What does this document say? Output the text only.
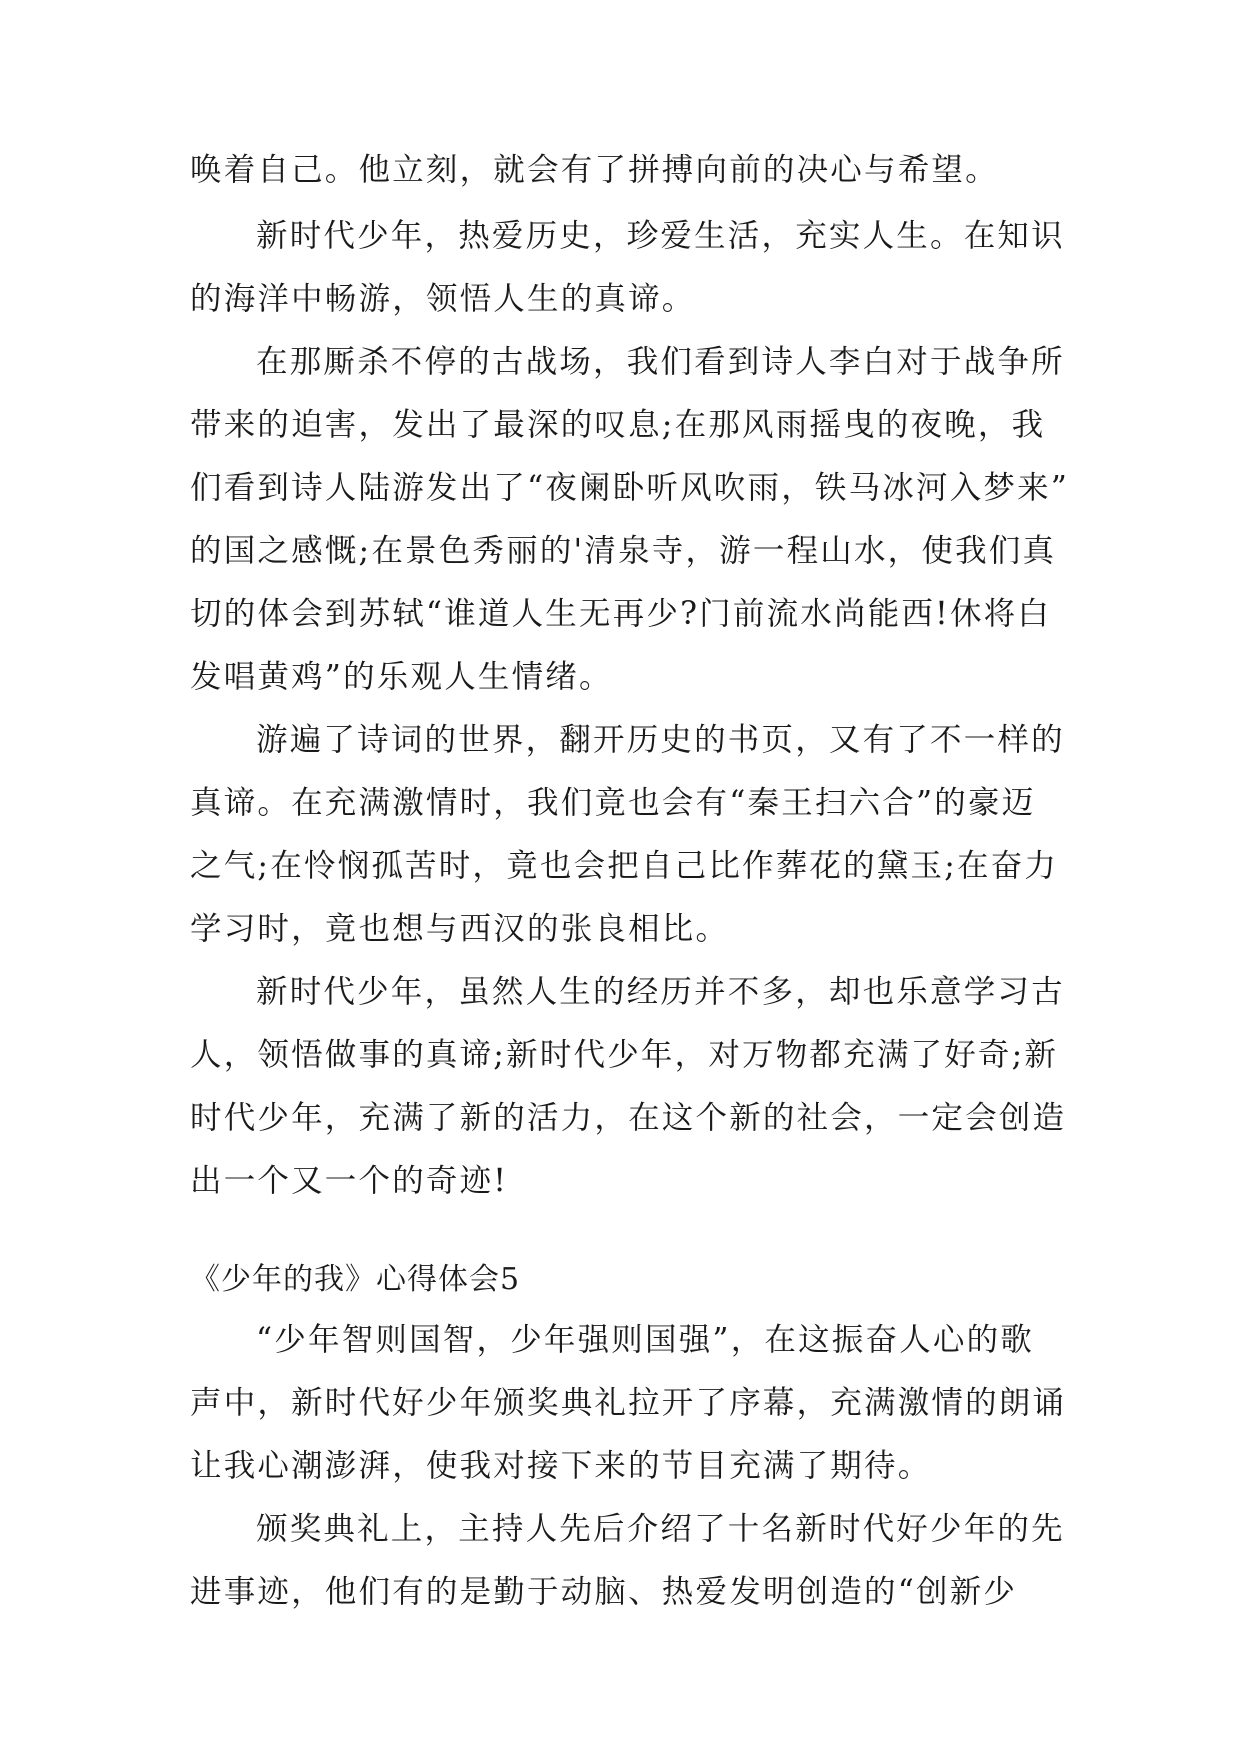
唤着自己。他立刻，就会有了拼搏向前的决心与希望。
新时代少年，热爱历史，珍爱生活，充实人生。在知识
的海洋中畅游，领悟人生的真谛。
在那厮杀不停的古战场，我们看到诗人李白对于战争所
带来的迫害，发出了最深的叹息;在那风雨摇曳的夜晚，我
们看到诗人陆游发出了“夜阑卧听风吹雨，铁马冰河入梦来”
的国之感慨;在景色秀丽的'清泉寺，游一程山水，使我们真
切的体会到苏轼“谁道人生无再少?门前流水尚能西!休将白
发唱黄鸡”的乐观人生情绪。
游遍了诗词的世界，翻开历史的书页，又有了不一样的
真谛。在充满激情时，我们竟也会有“秦王扫六合”的豪迈
之气;在怜悯孤苦时，竟也会把自己比作葬花的黛玉;在奋力
学习时，竟也想与西汉的张良相比。
新时代少年，虽然人生的经历并不多，却也乐意学习古
人，领悟做事的真谛;新时代少年，对万物都充满了好奇;新
时代少年，充满了新的活力，在这个新的社会，一定会创造
出一个又一个的奇迹!
《少年的我》心得体会5
“少年智则国智，少年强则国强”，在这振奋人心的歌
声中，新时代好少年颁奖典礼拉开了序幕，充满激情的朗诵
让我心潮澎湃，使我对接下来的节目充满了期待。
颁奖典礼上，主持人先后介绍了十名新时代好少年的先
进事迹，他们有的是勤于动脑、热爱发明创造的“创新少
